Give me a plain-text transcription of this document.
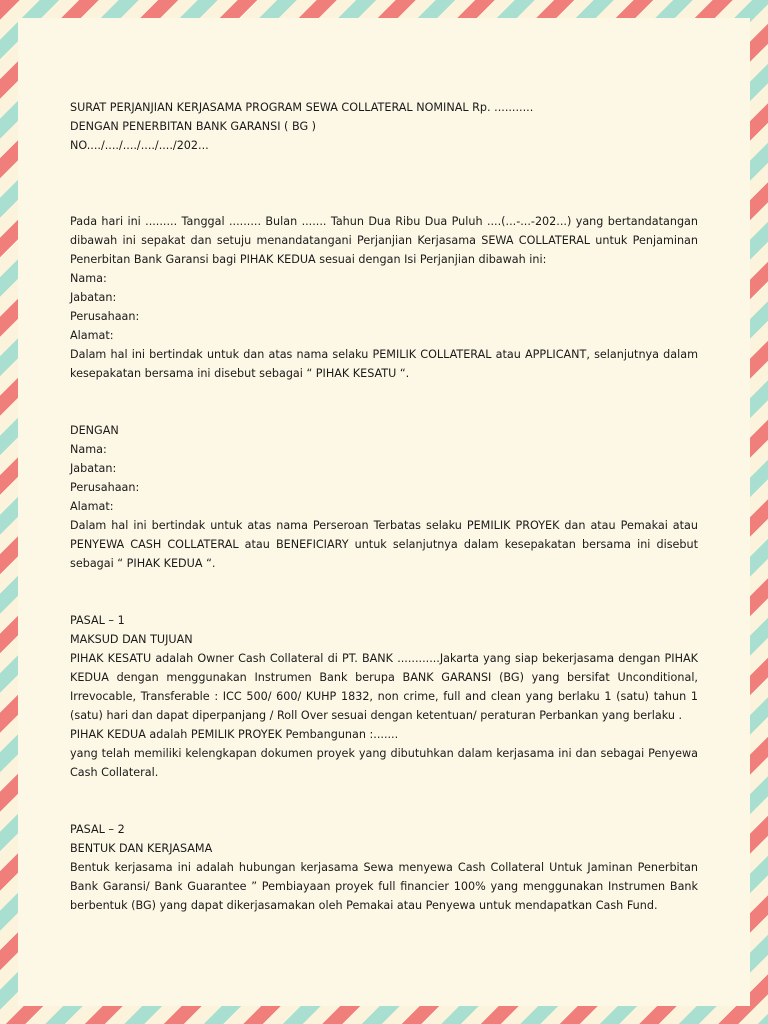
SURAT PERJANJIAN KERJASAMA PROGRAM SEWA COLLATERAL NOMINAL Rp. ...........
DENGAN PENERBITAN BANK GARANSI ( BG )
NO..../..../..../..../..../202...
Pada hari ini ......... Tanggal ......... Bulan ....... Tahun Dua Ribu Dua Puluh ....(...-...-202...) yang bertandatangan dibawah ini sepakat dan setuju menandatangani Perjanjian Kerjasama SEWA COLLATERAL untuk Penjaminan Penerbitan Bank Garansi bagi PIHAK KEDUA sesuai dengan Isi Perjanjian dibawah ini:
Nama:
Jabatan:
Perusahaan:
Alamat:
Dalam hal ini bertindak untuk dan atas nama selaku PEMILIK COLLATERAL atau APPLICANT, selanjutnya dalam kesepakatan bersama ini disebut sebagai “ PIHAK KESATU “.
DENGAN
Nama:
Jabatan:
Perusahaan:
Alamat:
Dalam hal ini bertindak untuk atas nama Perseroan Terbatas selaku PEMILIK PROYEK dan atau Pemakai atau PENYEWA CASH COLLATERAL atau BENEFICIARY untuk selanjutnya dalam kesepakatan bersama ini disebut sebagai “ PIHAK KEDUA “.
PASAL – 1
MAKSUD DAN TUJUAN
PIHAK KESATU adalah Owner Cash Collateral di PT. BANK ............Jakarta yang siap bekerjasama dengan PIHAK KEDUA dengan menggunakan Instrumen Bank berupa BANK GARANSI (BG) yang bersifat Unconditional, Irrevocable, Transferable : ICC 500/ 600/ KUHP 1832, non crime, full and clean yang berlaku 1 (satu) tahun 1 (satu) hari dan dapat diperpanjang / Roll Over sesuai dengan ketentuan/ peraturan Perbankan yang berlaku .
PIHAK KEDUA adalah PEMILIK PROYEK Pembangunan :.......
yang telah memiliki kelengkapan dokumen proyek yang dibutuhkan dalam kerjasama ini dan sebagai Penyewa Cash Collateral.
PASAL – 2
BENTUK DAN KERJASAMA
Bentuk kerjasama ini adalah hubungan kerjasama Sewa menyewa Cash Collateral Untuk Jaminan Penerbitan Bank Garansi/ Bank Guarantee ” Pembiayaan proyek full financier 100% yang menggunakan Instrumen Bank berbentuk (BG) yang dapat dikerjasamakan oleh Pemakai atau Penyewa untuk mendapatkan Cash Fund.
